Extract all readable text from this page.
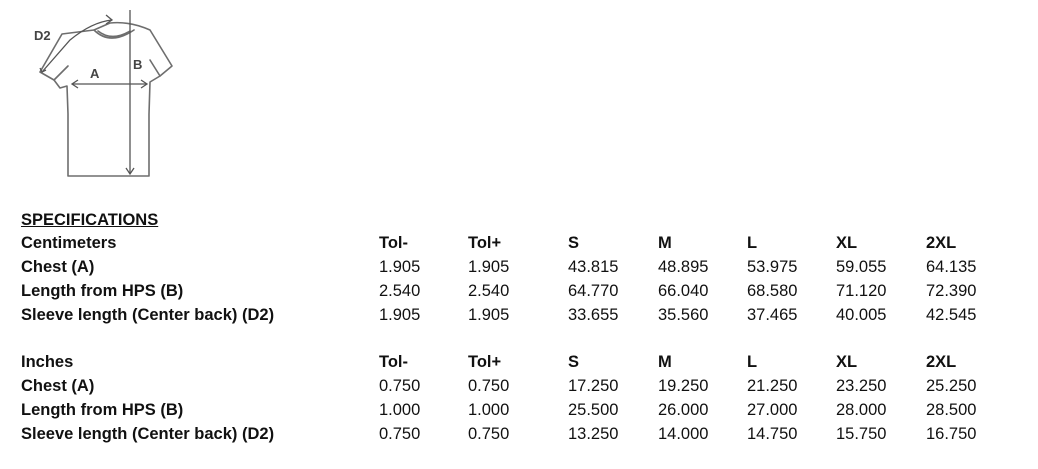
D2
A
B
SPECIFICATIONS
Centimeters	Tol-	Tol+	S	M	L	XL	2XL
Chest (A)	1.905	1.905	43.815	48.895	53.975	59.055	64.135
Length from HPS (B)	2.540	2.540	64.770	66.040	68.580	71.120	72.390
Sleeve length (Center back) (D2)	1.905	1.905	33.655	35.560	37.465	40.005	42.545

Inches	Tol-	Tol+	S	M	L	XL	2XL
Chest (A)	0.750	0.750	17.250	19.250	21.250	23.250	25.250
Length from HPS (B)	1.000	1.000	25.500	26.000	27.000	28.000	28.500
Sleeve length (Center back) (D2)	0.750	0.750	13.250	14.000	14.750	15.750	16.750
